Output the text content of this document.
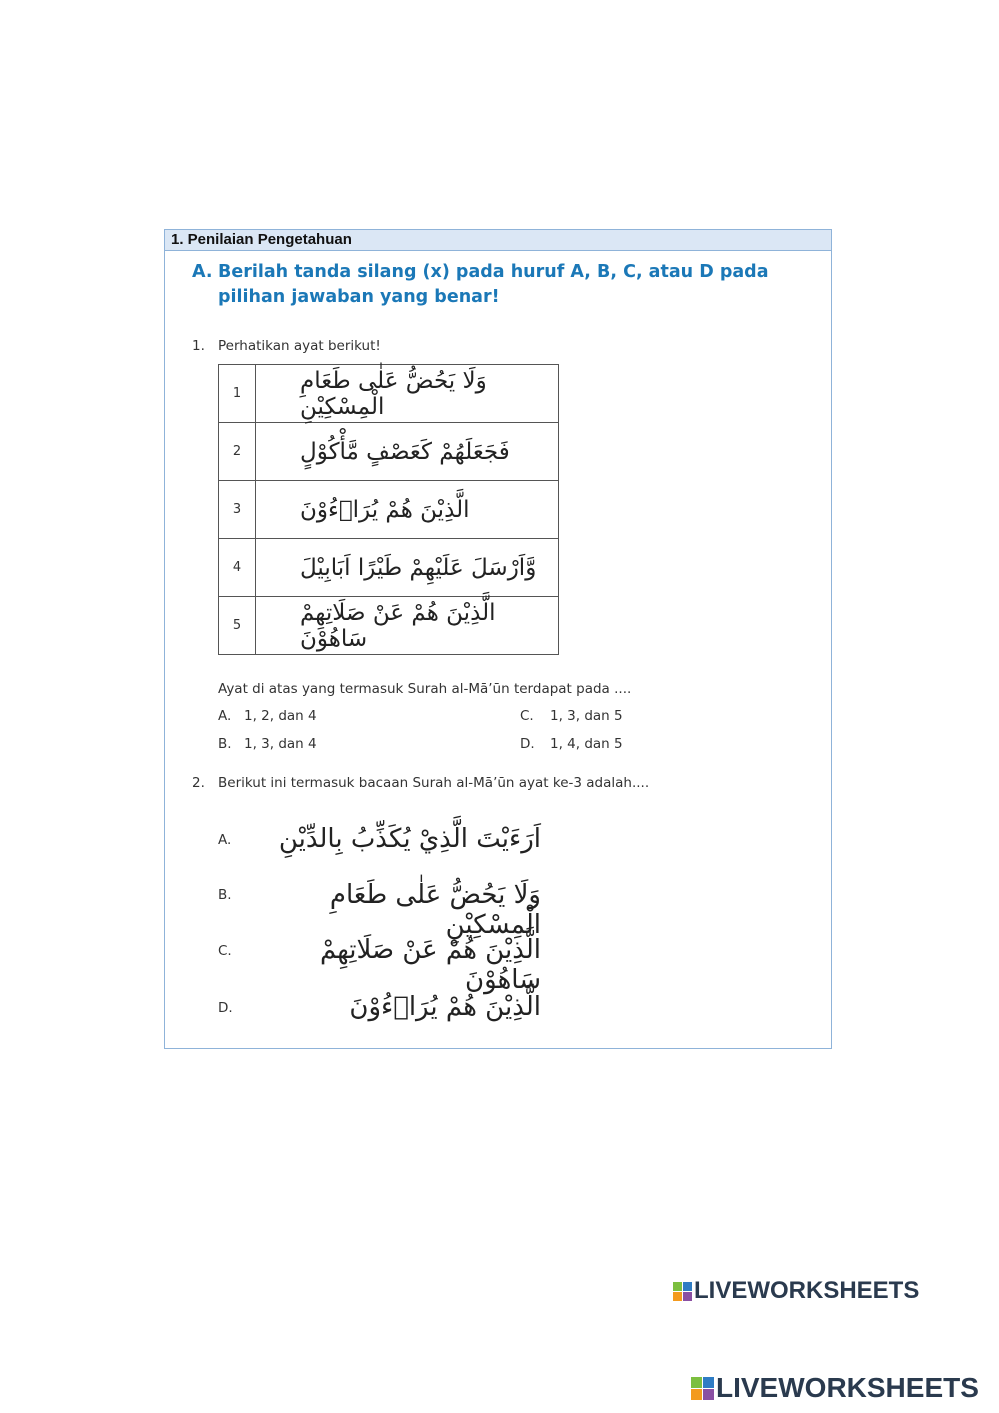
1. Penilaian Pengetahuan
A. Berilah tanda silang (x) pada huruf A, B, C, atau D pada
pilihan jawaban yang benar!
1. Perhatikan ayat berikut!
1	وَلَا يَحُضُّ عَلٰى طَعَامِ الْمِسْكِيْنِ
2	فَجَعَلَهُمْ كَعَصْفٍ مَّأْكُوْلٍ
3	الَّذِيْنَ هُمْ يُرَاۤءُوْنَ
4	وَّاَرْسَلَ عَلَيْهِمْ طَيْرًا اَبَابِيْلَ
5	الَّذِيْنَ هُمْ عَنْ صَلَاتِهِمْ سَاهُوْنَ
Ayat di atas yang termasuk Surah al-Mā’ūn terdapat pada ....
A. 1, 2, dan 4
B. 1, 3, dan 4
C. 1, 3, dan 5
D. 1, 4, dan 5
2. Berikut ini termasuk bacaan Surah al-Mā’ūn ayat ke-3 adalah....
A. اَرَءَيْتَ الَّذِيْ يُكَذِّبُ بِالدِّيْنِ
B.	وَلَا يَحُضُّ عَلٰى طَعَامِ الْمِسْكِيْنِ
C.	الَّذِيْنَ هُمْ عَنْ صَلَاتِهِمْ سَاهُوْنَ
D.	الَّذِيْنَ هُمْ يُرَاۤءُوْنَ
LIVEWORKSHEETS
LIVEWORKSHEETS
